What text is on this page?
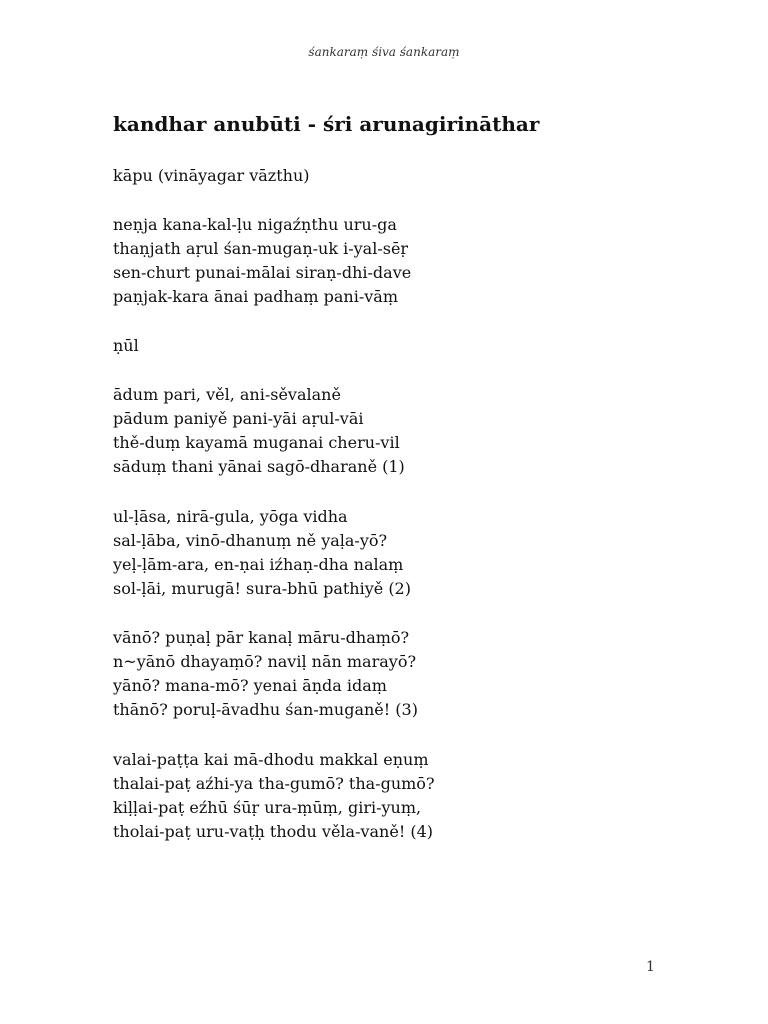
śankaraṃ śiva śankaraṃ
kandhar anubūti - śri arunagirināthar
kāpu (vināyagar vāzthu)
neṇja kana-kal-ḷu nigaźṇthu uru-ga
thaṇjath aṛul śan-mugaṇ-uk i-yal-sēṛ
sen-churt punai-mālai siraṇ-dhi-dave
paṇjak-kara ānai padhaṃ pani-vāṃ
ṇūl
ādum pari, věl, ani-sěvalaně
pādum paniyě pani-yāi aṛul-vāi
thě-duṃ kayamā muganai cheru-vil
sāduṃ thani yānai sagō-dharaně (1)
ul-ḷāsa, nirā-gula, yōga vidha
sal-ḷāba, vinō-dhanuṃ ně yaḷa-yō?
yeḷ-ḷām-ara, en-ṇai iźhaṇ-dha nalaṃ
sol-ḷāi, murugā! sura-bhū pathiyě (2)
vānō? puṇaḷ pār kanaḷ māru-dhaṃō?
n~yānō dhayaṃō? naviḷ nān marayō?
yānō? mana-mō? yenai āṇda idaṃ
thānō? poruḷ-āvadhu śan-muganě! (3)
valai-paṭṭa kai mā-dhodu makkal eṇuṃ
thalai-paṭ aźhi-ya tha-gumō? tha-gumō?
kiḷḷai-paṭ eźhū śūṛ ura-ṃūṃ, giri-yuṃ,
tholai-paṭ uru-vaṭḥ thodu věla-vaně! (4)
1
